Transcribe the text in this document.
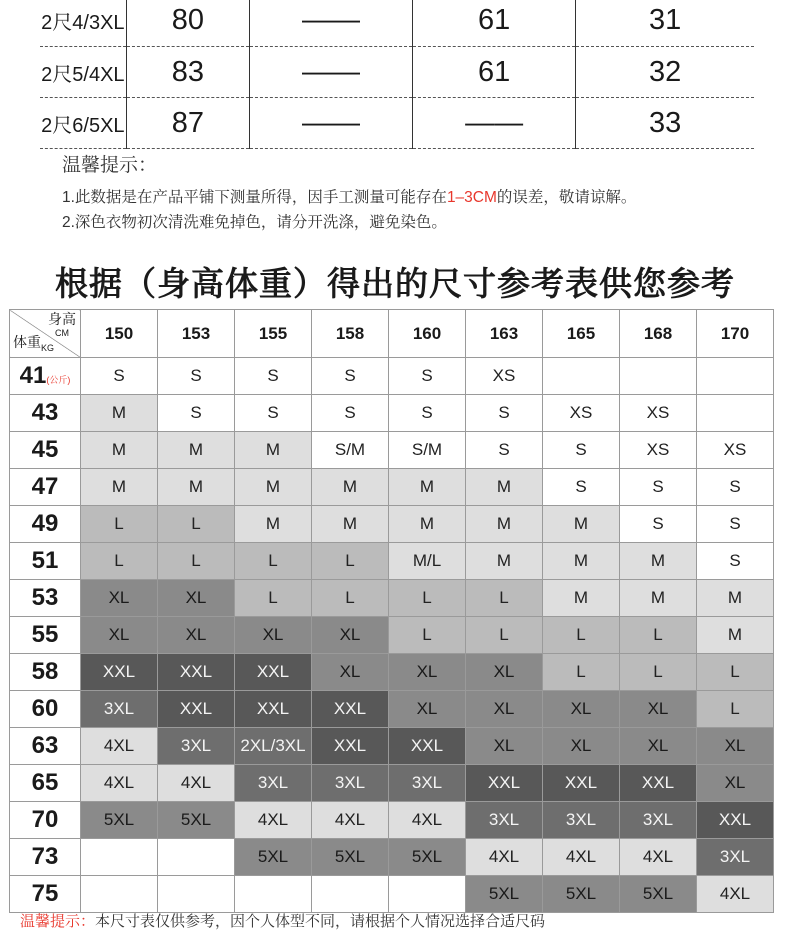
2尺4/3XL	80	——	61	31
2尺5/4XL	83	——	61	32
2尺6/5XL	87	——	——	33
温馨提示：
1.此数据是在产品平铺下测量所得，因手工测量可能存在1–3CM的误差，敬请谅解。
2.深色衣物初次清洗难免掉色，请分开洗涤，避免染色。
根据（身高体重）得出的尺寸参考表供您参考
身高
$^{CM}$
体重$_{KG}$	150	153	155	158	160	163	165	168	170
41(公斤)	S	S	S	S	S	XS			
43	M	S	S	S	S	S	XS	XS	
45	M	M	M	S/M	S/M	S	S	XS	XS
47	M	M	M	M	M	M	S	S	S
49	L	L	M	M	M	M	M	S	S
51	L	L	L	L	M/L	M	M	M	S
53	XL	XL	L	L	L	L	M	M	M
55	XL	XL	XL	XL	L	L	L	L	M
58	XXL	XXL	XXL	XL	XL	XL	L	L	L
60	3XL	XXL	XXL	XXL	XL	XL	XL	XL	L
63	4XL	3XL	2XL/3XL	XXL	XXL	XL	XL	XL	XL
65	4XL	4XL	3XL	3XL	3XL	XXL	XXL	XXL	XL
70	5XL	5XL	4XL	4XL	4XL	3XL	3XL	3XL	XXL
73			5XL	5XL	5XL	4XL	4XL	4XL	3XL
75						5XL	5XL	5XL	4XL
温馨提示：本尺寸表仅供参考，因个人体型不同，请根据个人情况选择合适尺码
